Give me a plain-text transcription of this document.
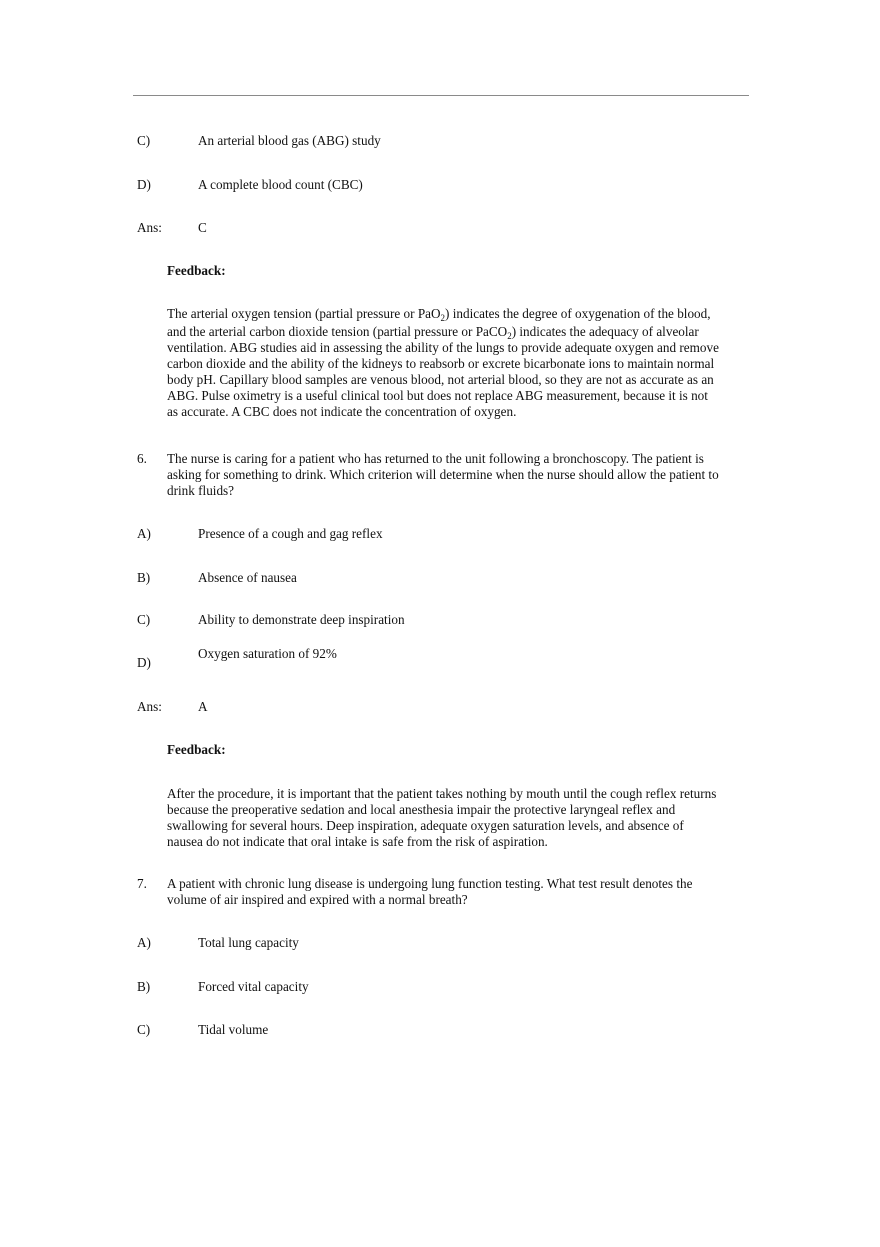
C)	An arterial blood gas (ABG) study
D)	A complete blood count (CBC)
Ans:	C
Feedback:
The arterial oxygen tension (partial pressure or PaO$_2$) indicates the degree of oxygenation of the blood,
and the arterial carbon dioxide tension (partial pressure or PaCO$_2$) indicates the adequacy of alveolar
ventilation. ABG studies aid in assessing the ability of the lungs to provide adequate oxygen and remove
carbon dioxide and the ability of the kidneys to reabsorb or excrete bicarbonate ions to maintain normal
body pH. Capillary blood samples are venous blood, not arterial blood, so they are not as accurate as an
ABG. Pulse oximetry is a useful clinical tool but does not replace ABG measurement, because it is not
as accurate. A CBC does not indicate the concentration of oxygen.
6. The nurse is caring for a patient who has returned to the unit following a bronchoscopy. The patient is
asking for something to drink. Which criterion will determine when the nurse should allow the patient to
drink fluids?
A)	Presence of a cough and gag reflex
B)	Absence of nausea
C)	Ability to demonstrate deep inspiration
D)
Oxygen saturation of 92%
Ans:	A
Feedback:
After the procedure, it is important that the patient takes nothing by mouth until the cough reflex returns
because the preoperative sedation and local anesthesia impair the protective laryngeal reflex and
swallowing for several hours. Deep inspiration, adequate oxygen saturation levels, and absence of
nausea do not indicate that oral intake is safe from the risk of aspiration.
7. A patient with chronic lung disease is undergoing lung function testing. What test result denotes the
volume of air inspired and expired with a normal breath?
A)	Total lung capacity
B)	Forced vital capacity
C)	Tidal volume
